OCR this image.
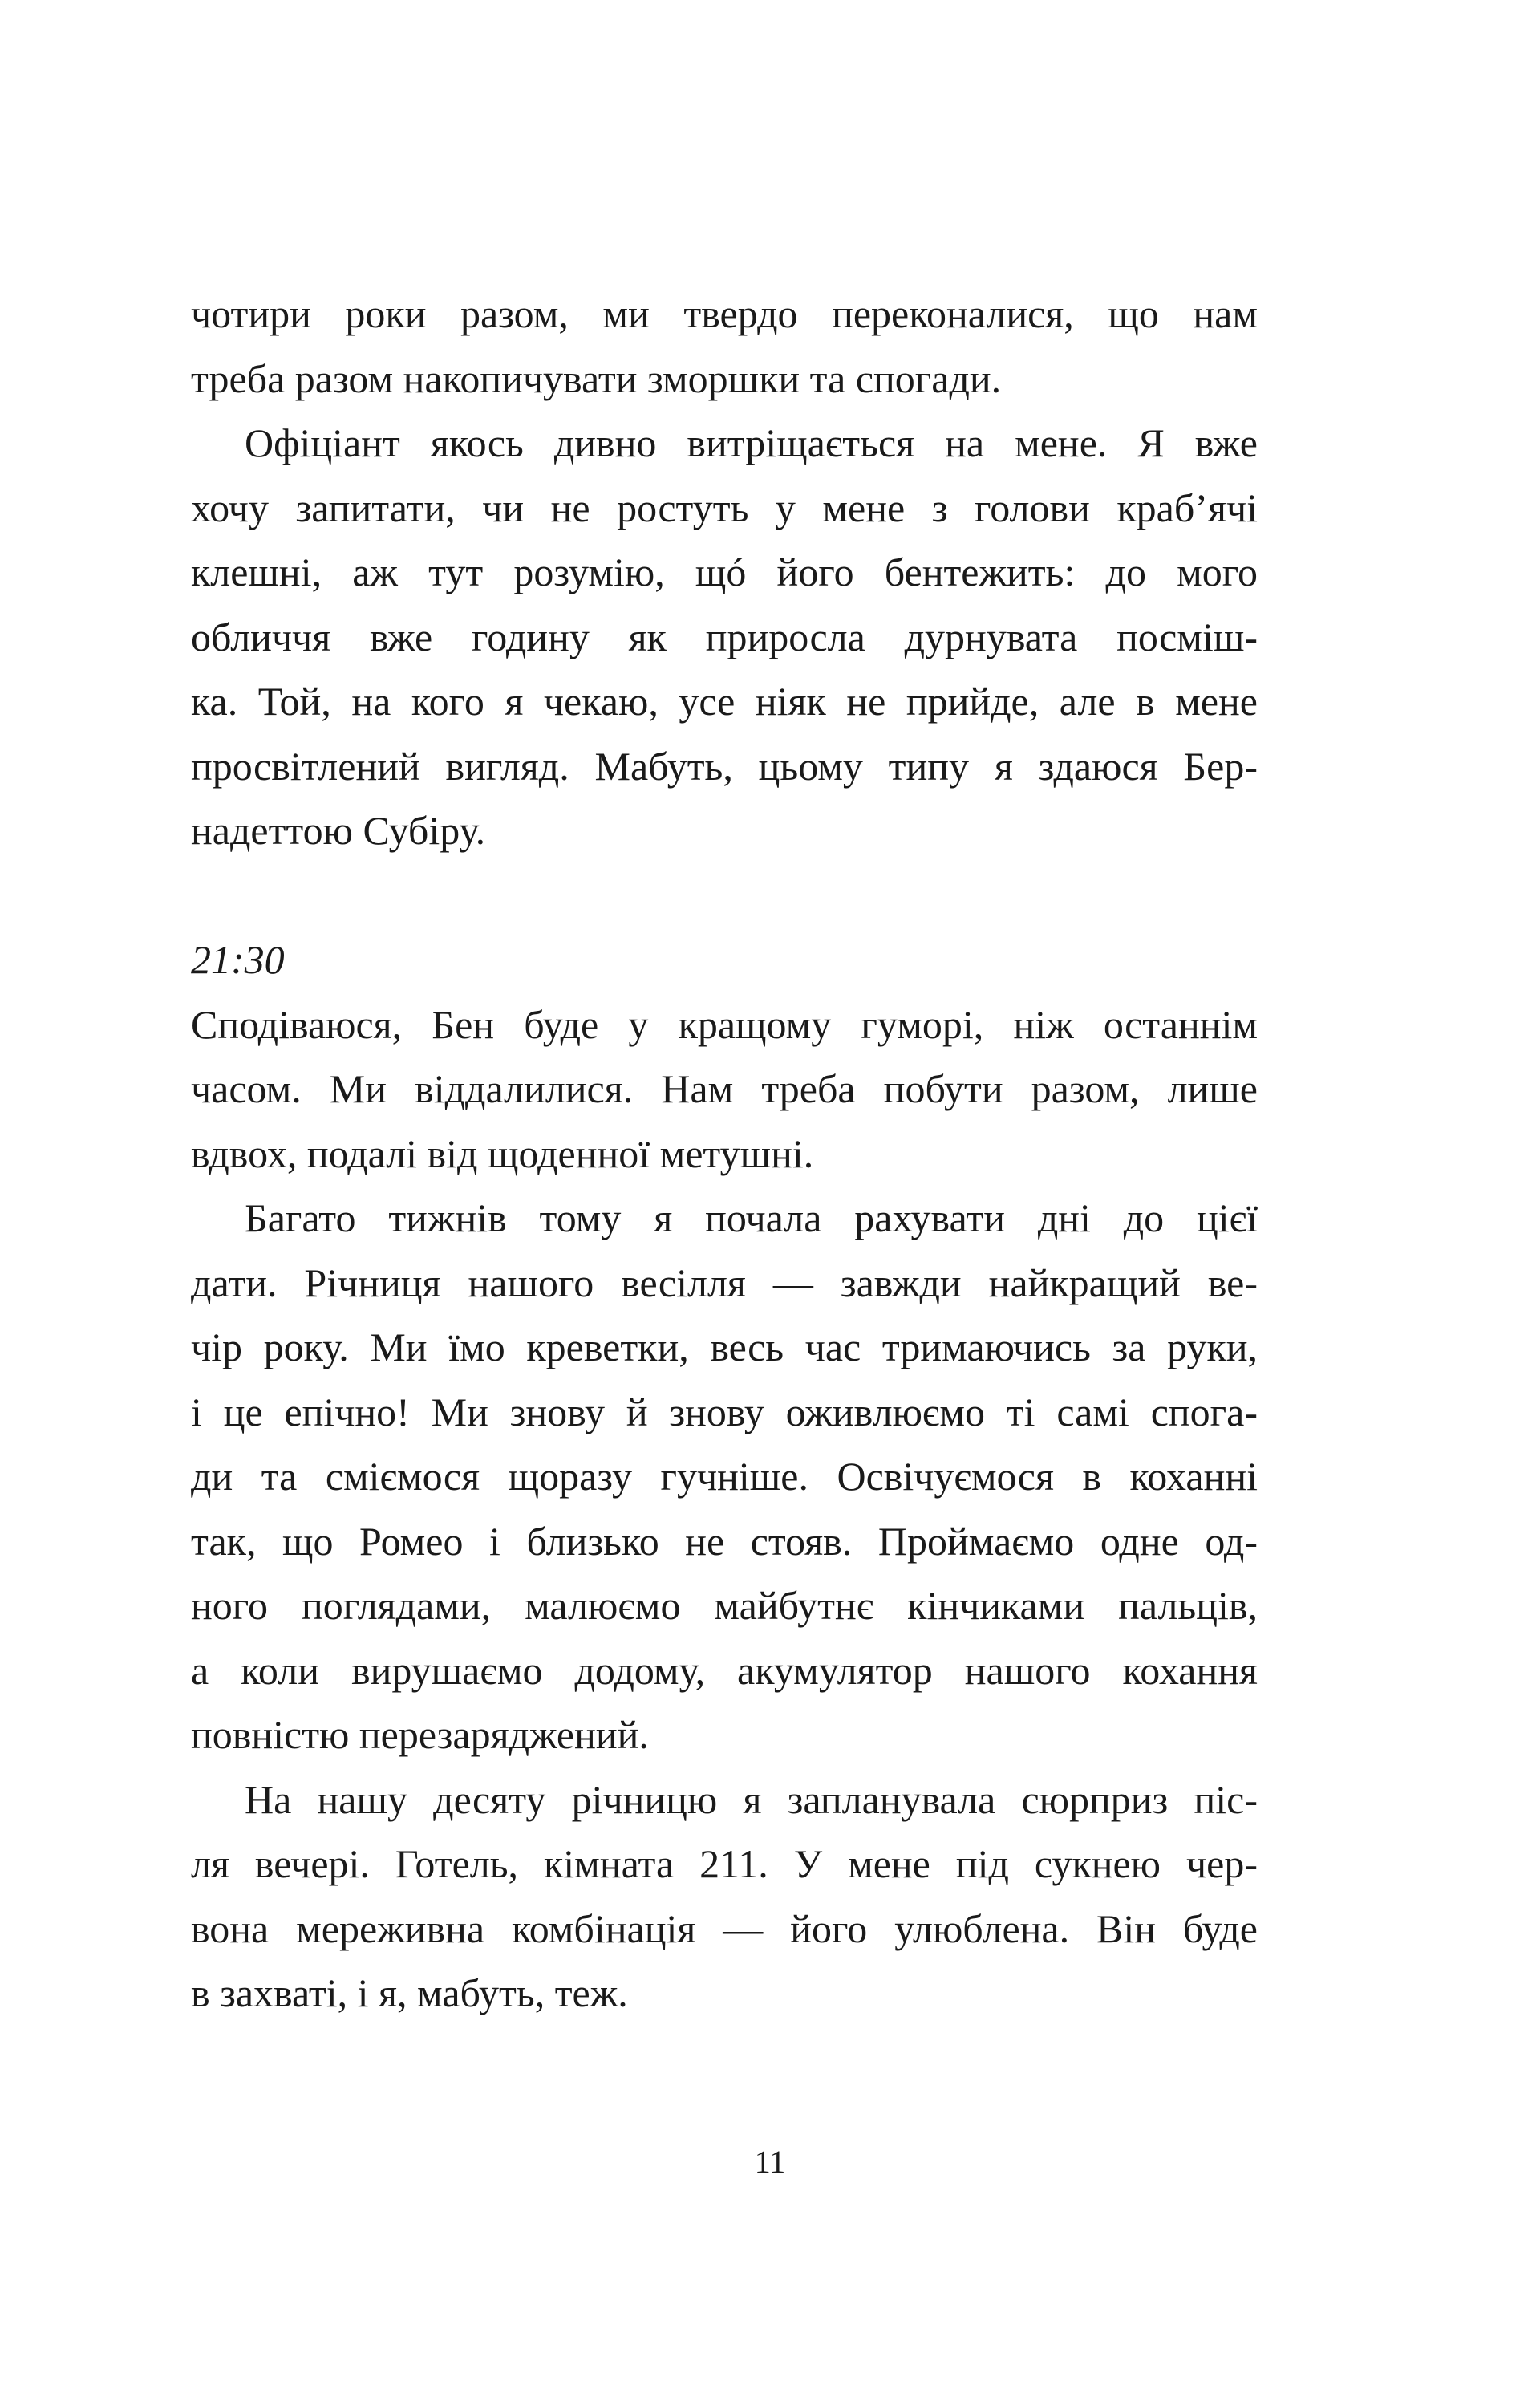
11
чотири роки разом, ми твердо переконалися, що нам
треба разом накопичувати зморшки та спогади.
Офіціант якось дивно витріщається на мене. Я вже
хочу запитати, чи не ростуть у мене з голови краб’ячі
клешні, аж тут розумію, щó його бентежить: до мого
обличчя вже годину як приросла дурнувата посміш-
ка. Той, на кого я чекаю, усе ніяк не прийде, але в мене
просвітлений вигляд. Мабуть, цьому типу я здаюся Бер-
надеттою Субіру.
21:30
Сподіваюся, Бен буде у кращому гуморі, ніж останнім
часом. Ми віддалилися. Нам треба побути разом, лише
вдвох, подалі від щоденної метушні.
Багато тижнів тому я почала рахувати дні до цієї
дати. Річниця нашого весілля — завжди найкращий ве-
чір року. Ми їмо креветки, весь час тримаючись за руки,
і це епічно! Ми знову й знову оживлюємо ті самі спога-
ди та сміємося щоразу гучніше. Освічуємося в коханні
так, що Ромео і близько не стояв. Проймаємо одне од-
ного поглядами, малюємо майбутнє кінчиками пальців,
а коли вирушаємо додому, акумулятор нашого кохання
повністю перезаряджений.
На нашу десяту річницю я запланувала сюрприз піс-
ля вечері. Готель, кімната 211. У мене під сукнею чер-
вона мереживна комбінація — його улюблена. Він буде
в захваті, і я, мабуть, теж.
